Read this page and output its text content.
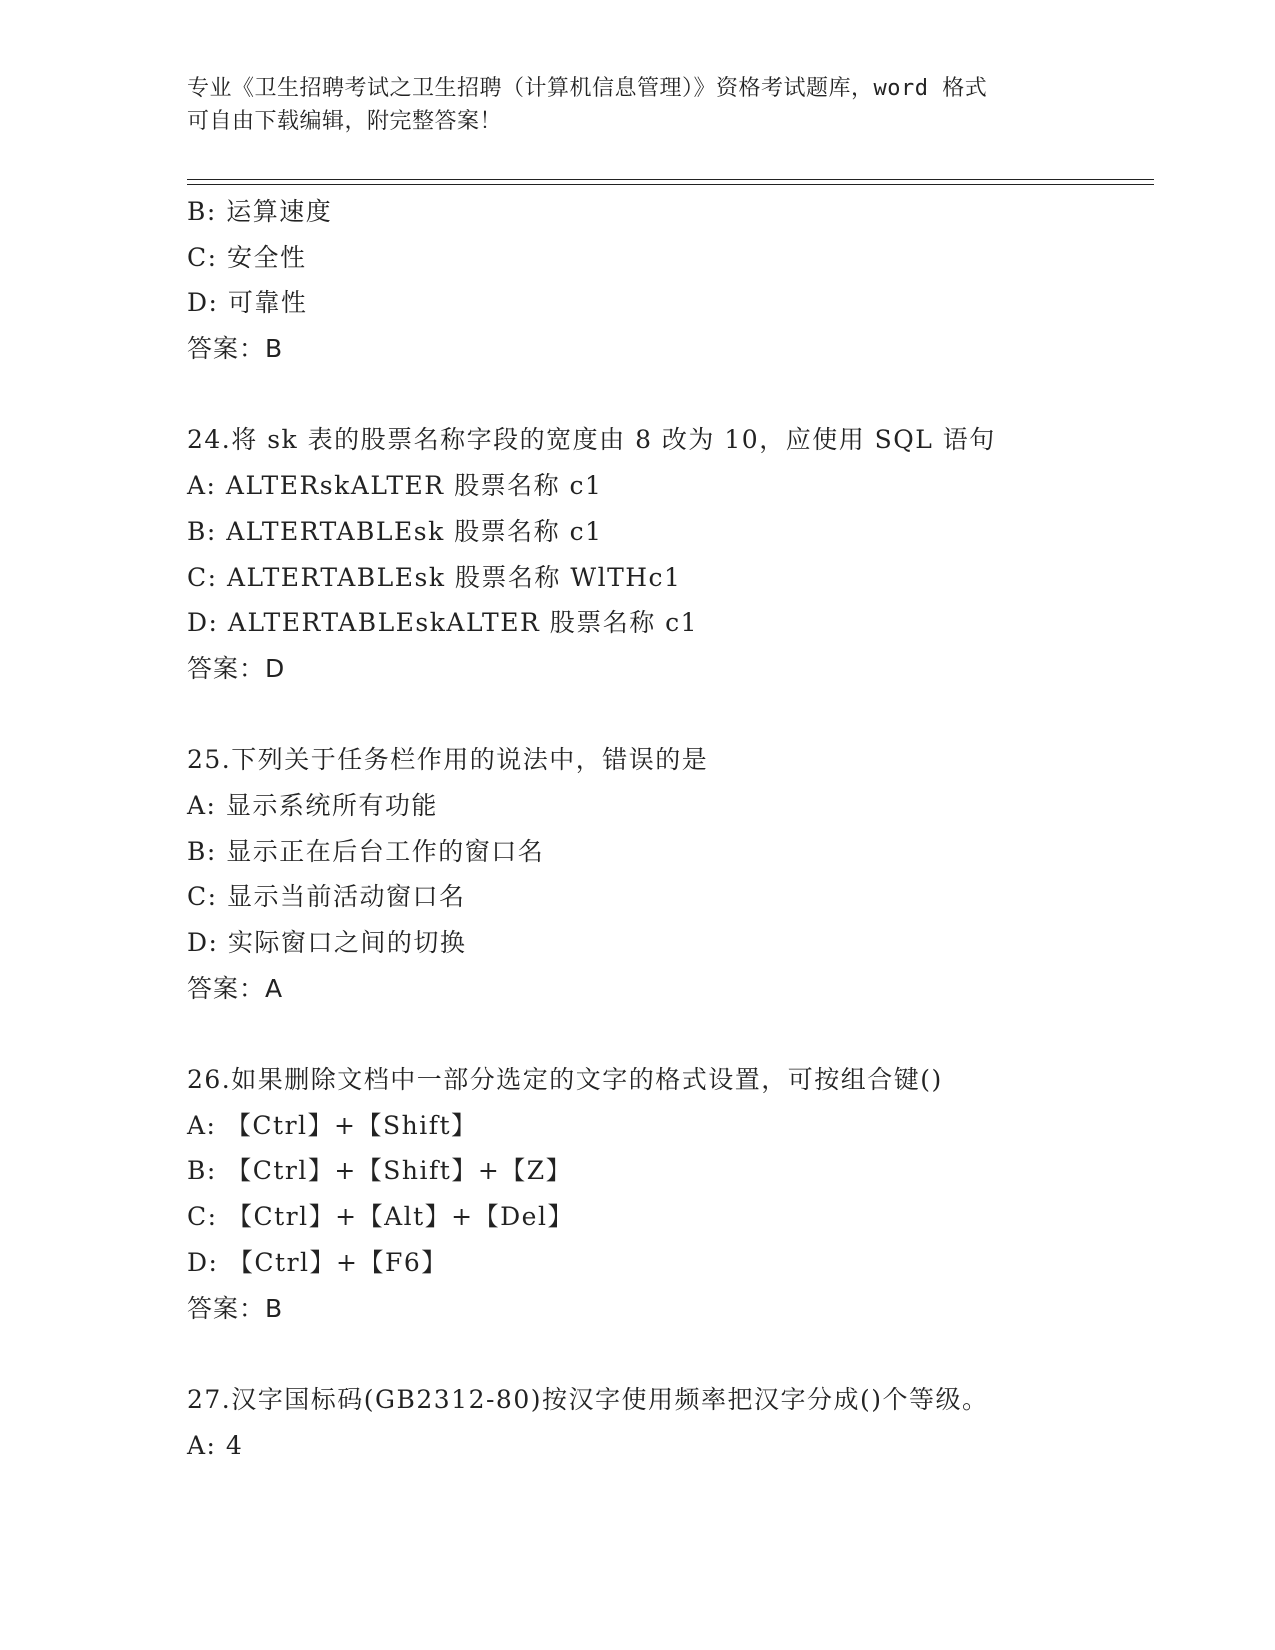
专业《卫生招聘考试之卫生招聘（计算机信息管理）》资格考试题库，word 格式
可自由下载编辑，附完整答案！
B: 运算速度
C: 安全性
D: 可靠性
答案：B
24.将 sk 表的股票名称字段的宽度由 8 改为 10，应使用 SQL 语句
A: ALTERskALTER 股票名称 c1
B: ALTERTABLEsk 股票名称 c1
C: ALTERTABLEsk 股票名称 WlTHc1
D: ALTERTABLEskALTER 股票名称 c1
答案：D
25.下列关于任务栏作用的说法中，错误的是
A: 显示系统所有功能
B: 显示正在后台工作的窗口名
C: 显示当前活动窗口名
D: 实际窗口之间的切换
答案：A
26.如果删除文档中一部分选定的文字的格式设置，可按组合键()
A: 【Ctrl】+【Shift】
B: 【Ctrl】+【Shift】+【Z】
C: 【Ctrl】+【Alt】+【Del】
D: 【Ctrl】+【F6】
答案：B
27.汉字国标码(GB2312-80)按汉字使用频率把汉字分成()个等级。
A: 4
